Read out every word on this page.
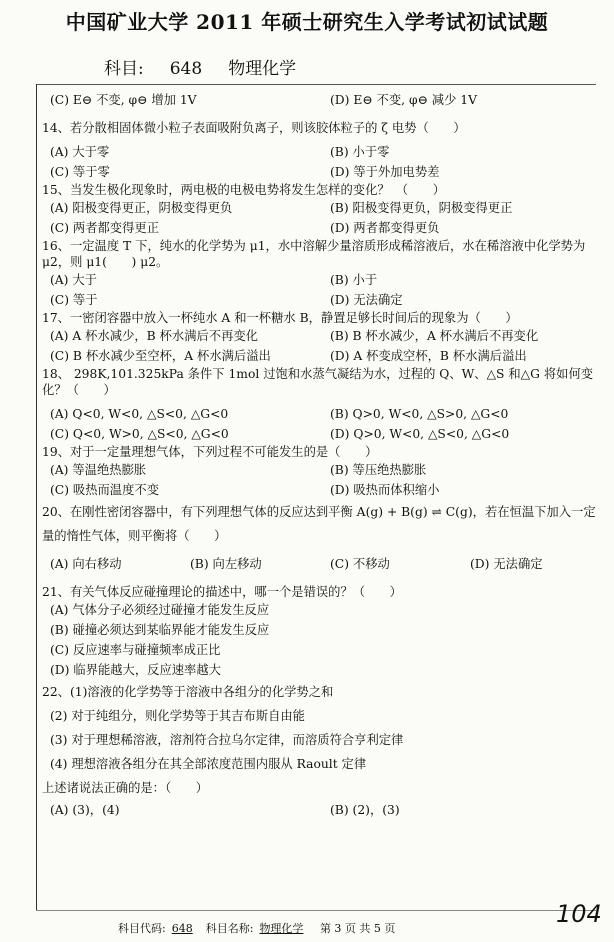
中国矿业大学 2011 年硕士研究生入学考试初试试题
科目: 648 物理化学
(C) E⊖ 不变, φ⊖ 增加 1V	(D) E⊖ 不变, φ⊖ 减少 1V
14、若分散相固体微小粒子表面吸附负离子，则该胶体粒子的 ζ 电势（　　）
(A) 大于零	(B) 小于零
(C) 等于零	(D) 等于外加电势差
15、当发生极化现象时，两电极的电极电势将发生怎样的变化？　（　　）
(A) 阳极变得更正，阴极变得更负	(B) 阳极变得更负，阴极变得更正
(C) 两者都变得更正	(D) 两者都变得更负
16、一定温度 T 下，纯水的化学势为 μ1，水中溶解少量溶质形成稀溶液后，水在稀溶液中化学势为 μ2，则 μ1(　　) μ2。
(A) 大于	(B) 小于
(C) 等于	(D) 无法确定
17、一密闭容器中放入一杯纯水 A 和一杯糖水 B，静置足够长时间后的现象为（　　）
(A) A 杯水减少，B 杯水满后不再变化	(B) B 杯水减少，A 杯水满后不再变化
(C) B 杯水减少至空杯，A 杯水满后溢出	(D) A 杯变成空杯，B 杯水满后溢出
18、 298K,101.325kPa 条件下 1mol 过饱和水蒸气凝结为水，过程的 Q、W、△S 和△G 将如何变化？（　　）
(A) Q<0, W<0, △S<0, △G<0	(B) Q>0, W<0, △S>0, △G<0
(C) Q<0, W>0, △S<0, △G<0	(D) Q>0, W<0, △S<0, △G<0
19、对于一定量理想气体，下列过程不可能发生的是（　　）
(A) 等温绝热膨胀	(B) 等压绝热膨胀
(C) 吸热而温度不变	(D) 吸热而体积缩小
20、在刚性密闭容器中，有下列理想气体的反应达到平衡 A(g) + B(g) ⇌ C(g)，若在恒温下加入一定量的惰性气体，则平衡将（　　）
(A) 向右移动	(B) 向左移动	(C) 不移动	(D) 无法确定
21、有关气体反应碰撞理论的描述中，哪一个是错误的？（　　）
(A) 气体分子必须经过碰撞才能发生反应
(B) 碰撞必须达到某临界能才能发生反应
(C) 反应速率与碰撞频率成正比
(D) 临界能越大，反应速率越大
22、(1)溶液的化学势等于溶液中各组分的化学势之和
(2) 对于纯组分，则化学势等于其吉布斯自由能
(3) 对于理想稀溶液，溶剂符合拉乌尔定律，而溶质符合亨利定律
(4) 理想溶液各组分在其全部浓度范围内服从 Raoult 定律
上述诸说法正确的是：（　　）
(A) (3)，(4)	(B) (2)，(3)
104
科目代码: 648 科目名称: 物理化学 第 3 页 共 5 页
